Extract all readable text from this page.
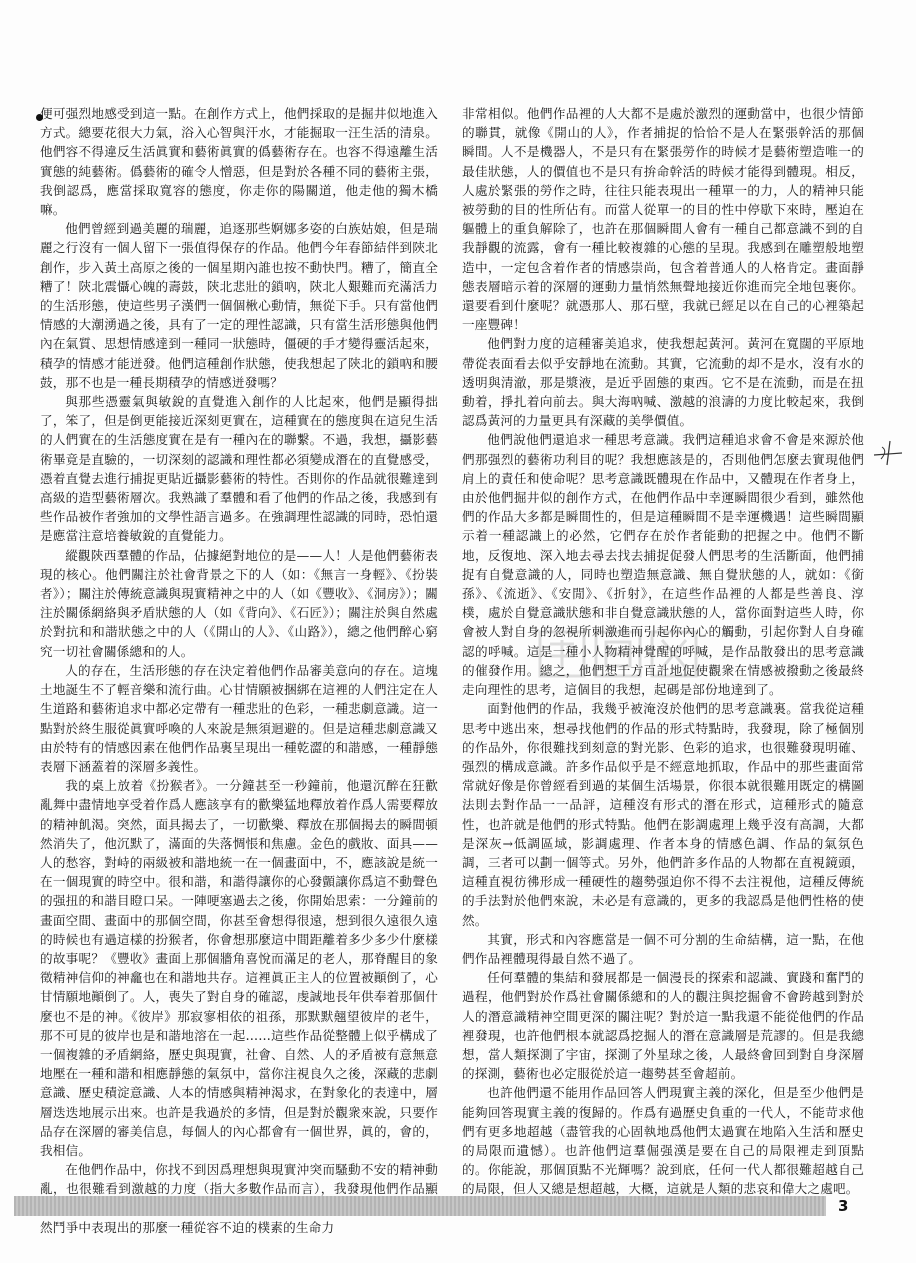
便可强烈地感受到這一點。在創作方式上，他們採取的是掘井似地進入方式。總要花很大力氣，浴入心智與汗水，才能掘取一汪生活的清泉。他們容不得違反生活眞實和藝術眞實的僞藝術存在。也容不得遠離生活實態的純藝術。僞藝術的確令人憎惡，但是對於各種不同的藝術主張，我倒認爲，應當採取寬容的態度，你走你的陽關道，他走他的獨木橋嘛。

他們曾經到過美麗的瑞麗，追逐那些婀娜多姿的白族姑娘，但是瑞麗之行沒有一個人留下一張值得保存的作品。他們今年春節結伴到陝北創作，步入黃土高原之後的一個星期內誰也按不動快門。糟了，簡直全糟了！陝北震懾心魄的壽鼓，陝北悲壯的鎖吶，陝北人艱難而充滿活力的生活形態，使這些男子漢們一個個楸心動情，無從下手。只有當他們情感的大潮湧過之後，具有了一定的理性認識，只有當生活形態與他們內在氣質、思想情感達到一種同一狀態時，僵硬的手才變得靈活起來，積孕的情感才能迸發。他們這種創作狀態，使我想起了陝北的鎖吶和腰鼓，那不也是一種長期積孕的情感迸發嗎？

與那些憑靈氣與敏銳的直覺進入創作的人比起來，他們是顯得拙了，笨了，但是倒更能接近深刻更實在，這種實在的態度與在這兒生活的人們實在的生活態度實在是有一種內在的聯繫。不過，我想，攝影藝術畢竟是直驗的，一切深刻的認識和理性都必須變成潛在的直覺感受，憑着直覺去進行捕捉更貼近攝影藝術的特性。否則你的作品就很難達到高級的造型藝術層次。我熟識了羣體和看了他們的作品之後，我感到有些作品被作者強加的文學性語言過多。在強調理性認識的同時，恐怕還是應當注意培養敏銳的直覺能力。

縱觀陝西羣體的作品，佔據絕對地位的是——人！人是他們藝術表現的核心。他們關注於社會背景之下的人（如：《無言一身輕》、《扮裝者》）；關注於傳統意識與現實精神之中的人（如《豐收》、《洞房》）；關注於關係網絡與矛盾狀態的人（如《背向》、《石匠》）；關注於與自然處於對抗和和諧狀態之中的人（《開山的人》、《山路》），總之他們醉心窮究一切社會關係總和的人。

人的存在，生活形態的存在決定着他們作品審美意向的存在。這塊土地誕生不了輕音樂和流行曲。心甘情願被捆綁在這裡的人們注定在人生道路和藝術追求中都必定帶有一種悲壯的色彩，一種悲劇意識。這一點對於終生服從眞實呼喚的人來說是無須迴避的。但是這種悲劇意識又由於特有的情感因素在他們作品裏呈現出一種乾澀的和諧感，一種靜態表層下涵蓋着的深層多義性。

我的桌上放着《扮猴者》。一分鐘甚至一秒鐘前，他還沉醉在狂歡亂舞中盡情地享受着作爲人應該享有的歡樂猛地釋放着作爲人需要釋放的精神飢渴。突然，面具揭去了，一切歡樂、釋放在那個揭去的瞬間頓然消失了，他沉默了，滿面的失落惆悵和焦慮。金色的戲妝、面具——人的愁容，對峙的兩級被和諧地統一在一個畫面中，不，應該說是統一在一個現實的時空中。很和諧，和諧得讓你的心發顫讓你爲這不動聲色的强扭的和諧目瞪口呆。一陣哽塞過去之後，你開始思索：一分鐘前的畫面空間、畫面中的那個空間，你甚至會想得很遠，想到很久遠很久遠的時候也有過這樣的扮猴者，你會想那麼這中間距離着多少多少什麼樣的故事呢？《豐收》畫面上那個牆角喜悅而滿足的老人，那脊醒目的象徵精神信仰的神龕也在和諧地共存。這裡眞正主人的位置被顚倒了，心甘情願地顚倒了。人，喪失了對自身的確認，虔誠地長年供奉着那個什麼也不是的神。《彼岸》那寂寥相依的祖孫，那默默翹望彼岸的老牛，那不可見的彼岸也是和諧地溶在一起……這些作品從整體上似乎構成了一個複雜的矛盾網絡，歷史與現實，社會、自然、人的矛盾被有意無意地壓在一種和諧和相應靜態的氣氛中，當你注視良久之後，深藏的悲劇意識、歷史積淀意識、人本的情感與精神渴求，在對象化的表達中，層層迭迭地展示出來。也許是我過於的多情，但是對於觀衆來說，只要作品存在深層的審美信息，每個人的內心都會有一個世界，眞的，會的，我相信。

在他們作品中，你找不到因爲理想與現實沖突而騷動不安的精神動亂，也很難看到激越的力度（指大多數作品而言），我發現他們作品顯 然鬥爭中表現出的那麼一種從容不迫的樸素的生命力

非常相似。他們作品裡的人大都不是處於激烈的運動當中，也很少情節的聯貫，就像《開山的人》，作者捕捉的恰恰不是人在緊張幹活的那個瞬間。人不是機器人，不是只有在緊張勞作的時候才是藝術塑造唯一的最佳狀態，人的價值也不是只有拚命幹活的時候才能得到體現。相反，人處於緊張的勞作之時，往往只能表現出一種單一的力，人的精神只能被勞動的目的性所佔有。而當人從單一的目的性中停歇下來時，壓迫在軀體上的重負解除了，也許在那個瞬間人會有一種自己都意識不到的自我靜觀的流露，會有一種比較複雜的心態的呈現。我感到在雕塑般地塑造中，一定包含着作者的情感崇尚，包含着普通人的人格肯定。畫面靜態表層暗示着的深層的運動力量悄然無聲地接近你進而完全地包裹你。還要看到什麼呢？就憑那人、那石壁，我就已經足以在自己的心裡築起一座豐碑！

他們對力度的這種審美追求，使我想起黃河。黃河在寬闊的平原地帶從表面看去似乎安靜地在流動。其實，它流動的却不是水，沒有水的透明與清澈，那是漿液，是近乎固態的東西。它不是在流動，而是在扭動着，掙扎着向前去。與大海吶喊、激越的浪濤的力度比較起來，我倒認爲黃河的力量更具有深藏的美學價值。

他們說他們還追求一種思考意識。我們這種追求會不會是來源於他們那强烈的藝術功利目的呢？我想應該是的，否則他們怎麼去實現他們肩上的責任和使命呢？思考意識既體現在作品中，又體現在作者身上，由於他們掘井似的創作方式，在他們作品中幸運瞬間很少看到，雖然他們的作品大多都是瞬間性的，但是這種瞬間不是幸運機遇！這些瞬間顯示着一種認識上的必然，它們存在於作者能動的把握之中。他們不斷地，反復地、深入地去尋去找去捕捉促發人們思考的生活斷面，他們捕捉有自覺意識的人，同時也塑造無意識、無自覺狀態的人，就如：《銜孫》、《流逝》、《安閒》、《折射》，在這些作品裡的人都是些善良、淳樸，處於自覺意識狀態和非自覺意識狀態的人，當你面對這些人時，你會被人對自身的忽視所刺激進而引起你內心的觸動，引起你對人自身確認的呼喊。這是一種小人物精神覺醒的呼喊，是作品散發出的思考意識的催發作用。總之，他們想千方百計地促使觀衆在情感被撥動之後最終走向理性的思考，這個目的我想，起碼是部份地達到了。

面對他們的作品，我幾乎被淹沒於他們的思考意識裏。當我從這種思考中逃出來，想尋找他們的作品的形式特點時，我發現，除了極個別的作品外，你很難找到刻意的對光影、色彩的追求，也很難發現明確、强烈的構成意識。許多作品似乎是不經意地抓取，作品中的那些畫面常常就好像是你曾經看到過的某個生活場景，你很本就很難用既定的構圖法則去對作品一一品評，這種沒有形式的潛在形式，這種形式的隨意性，也許就是他們的形式特點。他們在影調處理上幾乎沒有高調，大都是深灰→低調區域，影調處理、作者本身的情感色調、作品的氣氛色調，三者可以劃一個等式。另外，他們許多作品的人物都在直視鏡頭，這種直視彷彿形成一種硬性的趨勢强迫你不得不去注視他，這種反傳統的手法對於他們來說，未必是有意識的，更多的我認爲是他們性格的使然。

其實，形式和內容應當是一個不可分割的生命結構，這一點，在他們作品裡體現得最自然不過了。

任何羣體的集結和發展都是一個漫長的探索和認識、實踐和奮鬥的過程，他們對於作爲社會關係總和的人的觀注與挖掘會不會跨越到對於人的潛意識精神空間更深的關注呢？對於這一點我還不能從他們的作品裡發現，也許他們根本就認爲挖掘人的潛在意識層是荒謬的。但是我總想，當人類探測了宇宙，探測了外星球之後，人最終會回到對自身深層的探測，藝術也必定服從於這一趨勢甚至會超前。

也許他們還不能用作品回答人們現實主義的深化，但是至少他們是能夠回答現實主義的復歸的。作爲有過歷史負重的一代人，不能苛求他們有更多地超越（盡管我的心固執地爲他們太過實在地陷入生活和歷史的局限而遺憾）。也許他們這羣倔强漢是要在自己的局限裡走到頂點的。你能說，那個頂點不光輝嗎？說到底，任何一代人都很難超越自己的局限，但人又總是想超越，大概，這就是人類的悲哀和偉大之處吧。

3
